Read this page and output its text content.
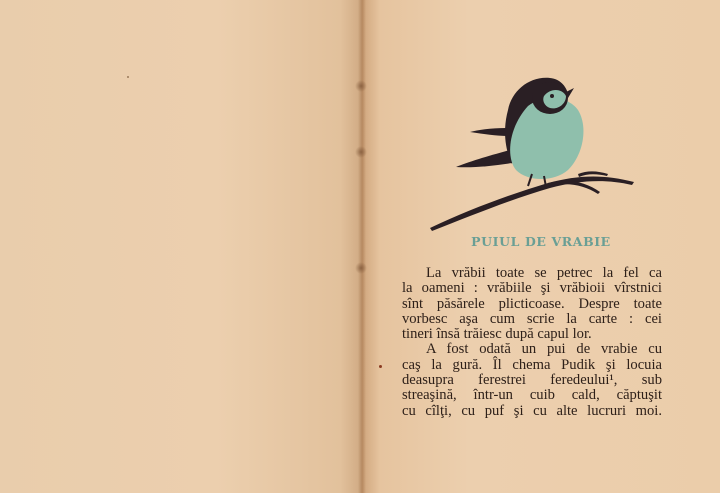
PUIUL DE VRABIE
La vrăbii toate se petrec la fel ca
la oameni : vrăbiile şi vrăbioii vîrstnici
sînt păsărele plicticoase. Despre toate
vorbesc aşa cum scrie la carte : cei
tineri însă trăiesc după capul lor.
A fost odată un pui de vrabie cu
caş la gură. Îl chema Pudik şi locuia
deasupra ferestrei feredeului¹, sub
streaşină, într-un cuib cald, căptuşit
cu cîlţi, cu puf şi cu alte lucruri moi.
